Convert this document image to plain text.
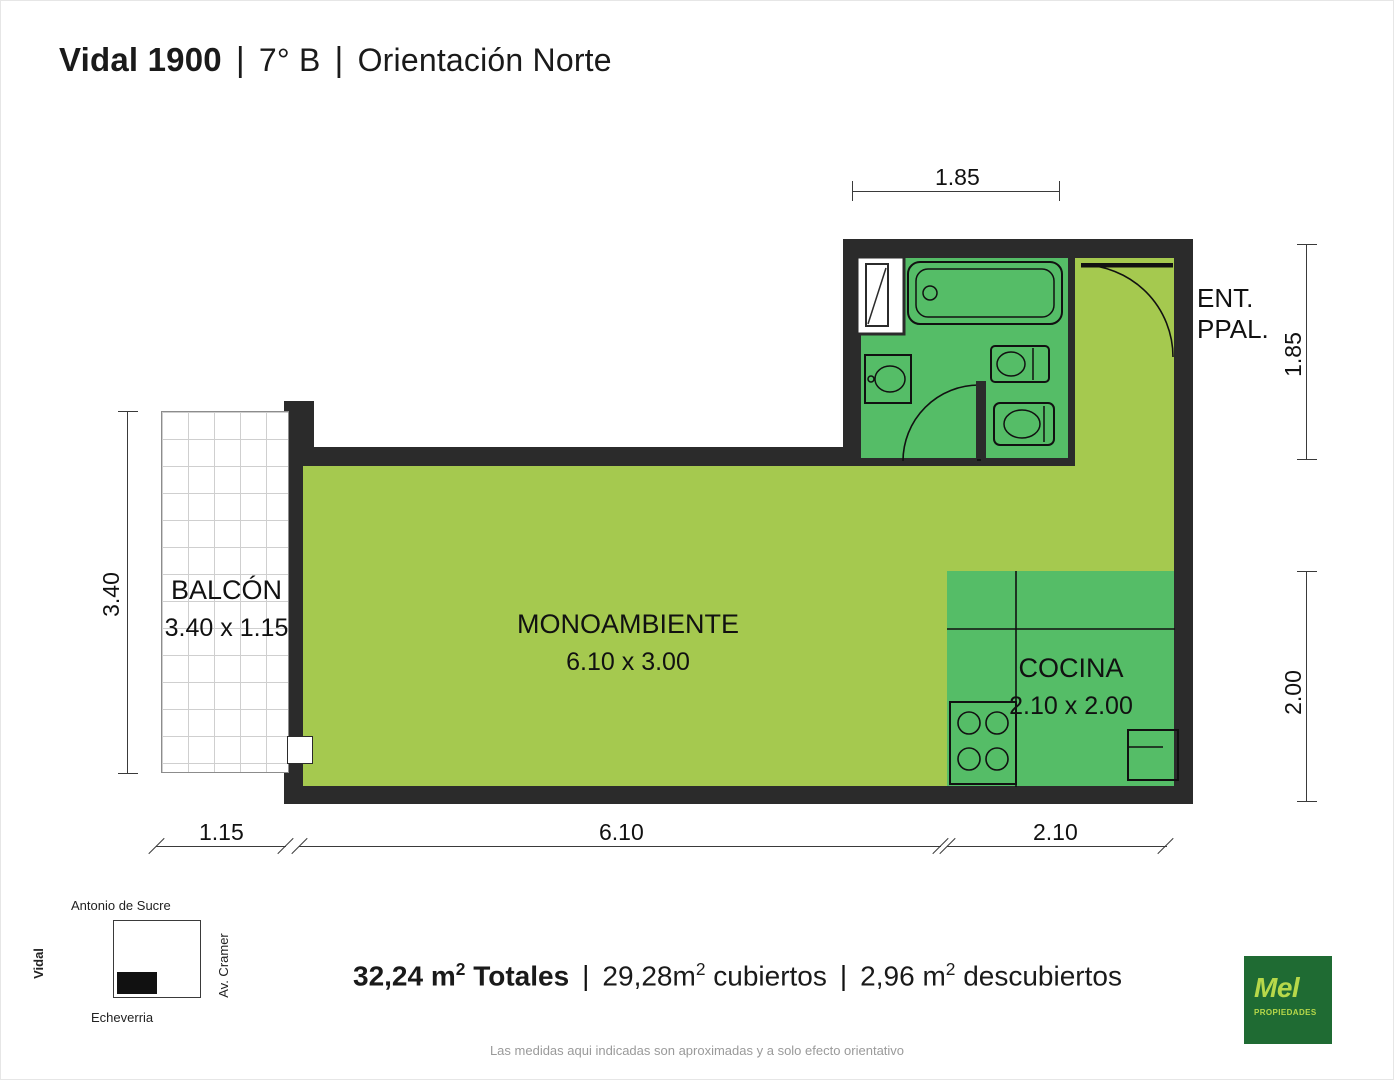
Vidal 1900 | 7° B | Orientación Norte
1.85
1.85
2.00
3.40
1.15	6.10	2.10
MONOAMBIENTE
6.10 x 3.00	COCINA
2.10 x 2.00
BALCÓN
3.40 x 1.15
ENT.
PPAL.
32,24 $m^2$ Totales | $29,28m^2$ cubiertos | 2,96 $m^2$ descubiertos
Las medidas aqui indicadas son aproximadas y a solo efecto orientativo
Antonio de Sucre
Echeverria
Vidal	Av. Cramer	Mel
PROPIEDADES
